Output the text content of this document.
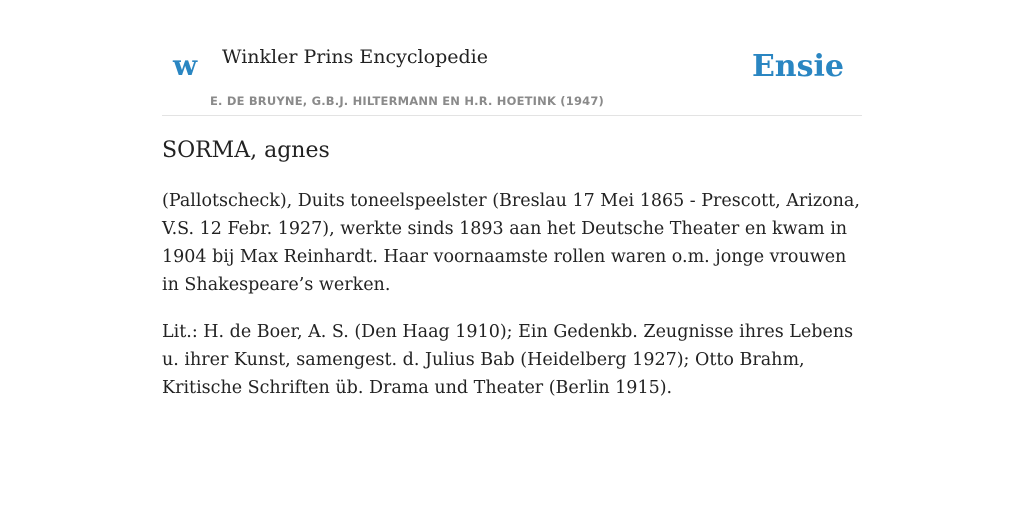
w Winkler Prins Encyclopedie
E. DE BRUYNE, G.B.J. HILTERMANN EN H.R. HOETINK (1947)
Ensie
SORMA, agnes

(Pallotscheck), Duits toneelspeelster (Breslau 17 Mei 1865 - Prescott, Arizona, V.S. 12 Febr. 1927), werkte sinds 1893 aan het Deutsche Theater en kwam in 1904 bij Max Reinhardt. Haar voornaamste rollen waren o.m. jonge vrouwen in Shakespeare’s werken.

Lit.: H. de Boer, A. S. (Den Haag 1910); Ein Gedenkb. Zeugnisse ihres Lebens u. ihrer Kunst, samengest. d. Julius Bab (Heidelberg 1927); Otto Brahm, Kritische Schriften üb. Drama und Theater (Berlin 1915).
